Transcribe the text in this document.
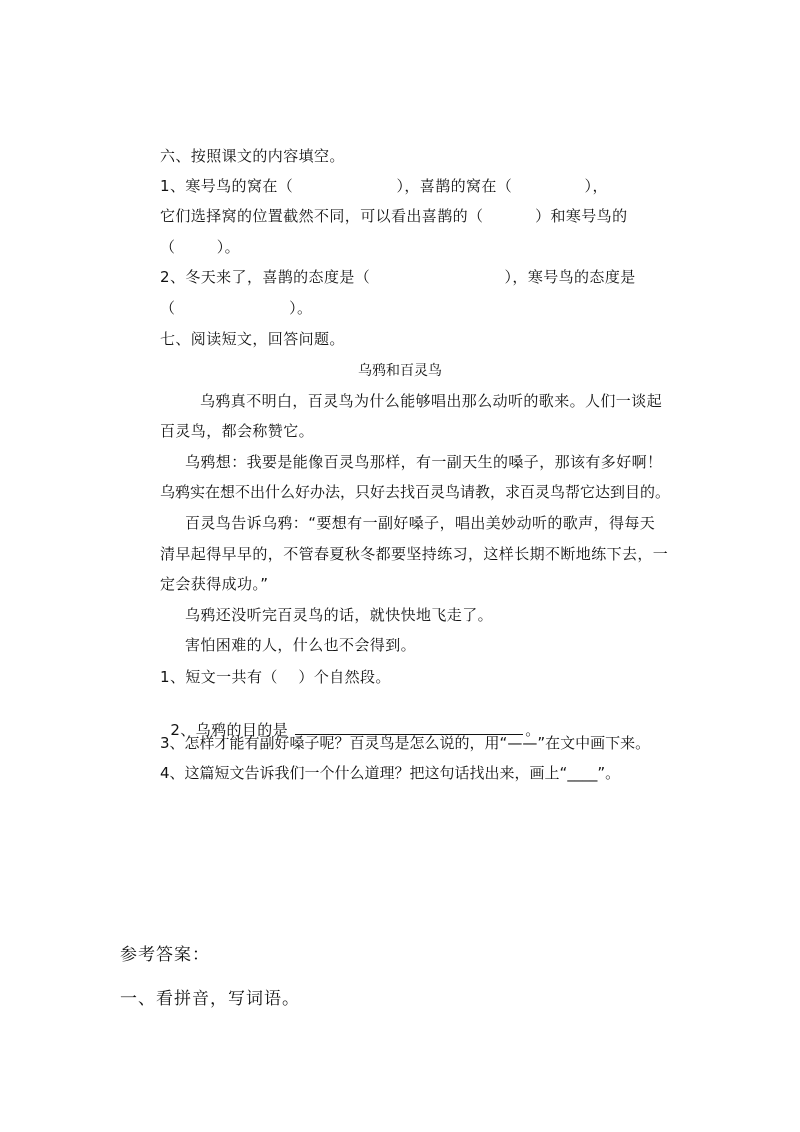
六、按照课文的内容填空。
1、寒号鸟的窝在（                    ），喜鹊的窝在（              ），
它们选择窝的位置截然不同，可以看出喜鹊的（          ）和寒号鸟的
（        ）。
2、冬天来了，喜鹊的态度是（                          ），寒号鸟的态度是
（                      ）。
七、阅读短文，回答问题。
乌鸦和百灵鸟
乌鸦真不明白，百灵鸟为什么能够唱出那么动听的歌来。人们一谈起
百灵鸟，都会称赞它。
乌鸦想：我要是能像百灵鸟那样，有一副天生的嗓子，那该有多好啊！
乌鸦实在想不出什么好办法，只好去找百灵鸟请教，求百灵鸟帮它达到目的。
百灵鸟告诉乌鸦：“要想有一副好嗓子，唱出美妙动听的歌声，得每天
清早起得早早的，不管春夏秋冬都要坚持练习，这样长期不断地练下去，一
定会获得成功。”
乌鸦还没听完百灵鸟的话，就快快地飞走了。
害怕困难的人，什么也不会得到。
1、短文一共有（    ）个自然段。

2、乌鸦的目的是	。

3、怎样才能有副好嗓子呢？百灵鸟是怎么说的，用“——”在文中画下来。
4、这篇短文告诉我们一个什么道理？把这句话找出来，画上“____”。
参考答案：
一、看拼音，写词语。
